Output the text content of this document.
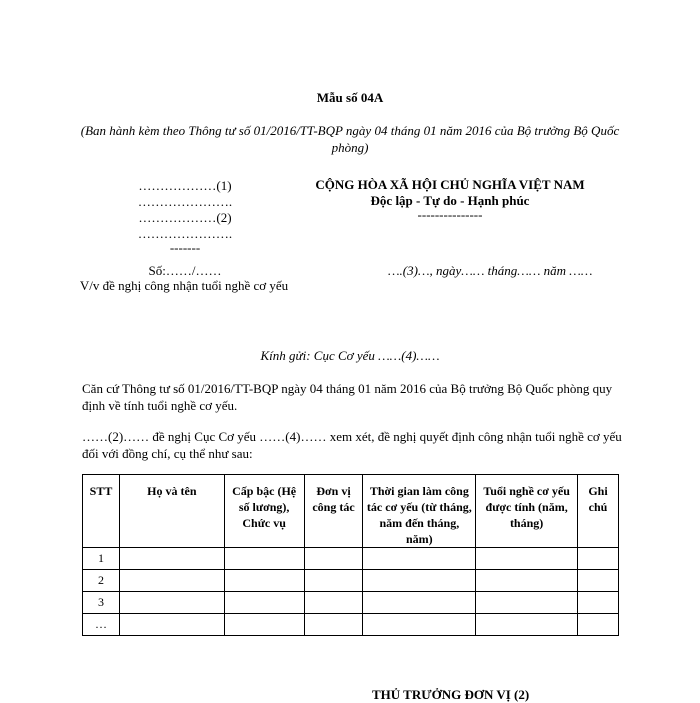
Mẫu số 04A
(Ban hành kèm theo Thông tư số 01/2016/TT-BQP ngày 04 tháng 01 năm 2016 của Bộ trưởng Bộ Quốc phòng)
………………(1)
………………….
………………(2)
………………….
-------
Số:……/……
V/v đề nghị công nhận tuổi nghề cơ yếu
CỘNG HÒA XÃ HỘI CHỦ NGHĨA VIỆT NAM
Độc lập - Tự do - Hạnh phúc
---------------
….(3)…, ngày…… tháng…… năm ……
Kính gửi: Cục Cơ yếu ……(4)……
Căn cứ Thông tư số 01/2016/TT-BQP ngày 04 tháng 01 năm 2016 của Bộ trưởng Bộ Quốc phòng quy định về tính tuổi nghề cơ yếu.
……(2)…… đề nghị Cục Cơ yếu ……(4)…… xem xét, đề nghị quyết định công nhận tuổi nghề cơ yếu đối với đồng chí, cụ thể như sau:
STT	Họ và tên	Cấp bậc (Hệ số lương), Chức vụ	Đơn vị công tác	Thời gian làm công tác cơ yếu (từ tháng, năm đến tháng, năm)	Tuổi nghề cơ yếu được tính (năm, tháng)	Ghi chú
1						
2						
3						
…						
THỦ TRƯỞNG ĐƠN VỊ (2)
